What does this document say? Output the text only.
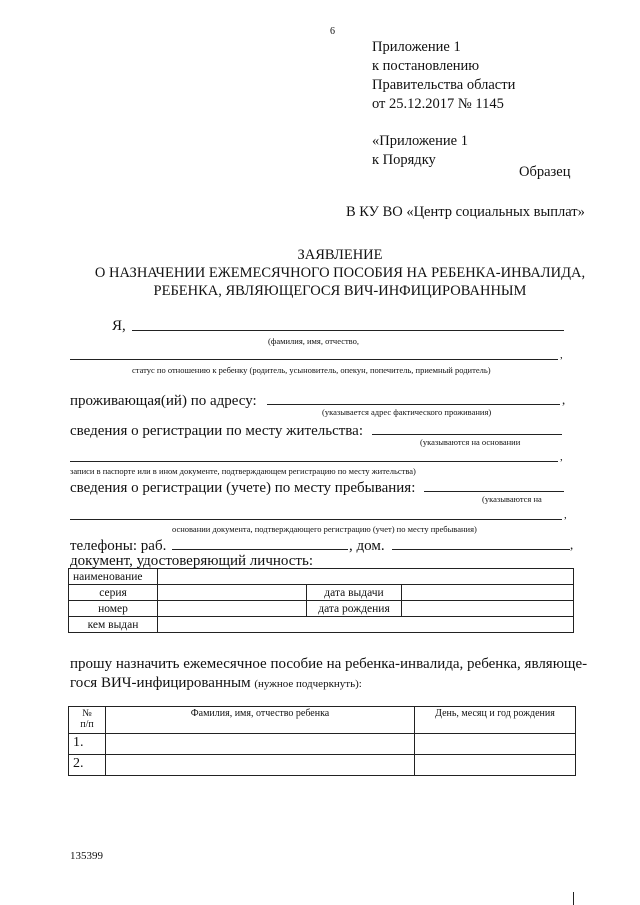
6
Приложение 1
к постановлению
Правительства области
от 25.12.2017 № 1145
«Приложение 1
к Порядку
Образец
В КУ ВО «Центр социальных выплат»
ЗАЯВЛЕНИЕ
О НАЗНАЧЕНИИ ЕЖЕМЕСЯЧНОГО ПОСОБИЯ НА РЕБЕНКА-ИНВАЛИДА,
РЕБЕНКА, ЯВЛЯЮЩЕГОСЯ ВИЧ-ИНФИЦИРОВАННЫМ
Я,
(фамилия, имя, отчество,
,
статус по отношению к ребенку (родитель, усыновитель, опекун, попечитель, приемный родитель)
проживающая(ий) по адресу:	,
(указывается адрес фактического проживания)
сведения о регистрации по месту жительства:
(указываются на основании
,
записи в паспорте или в ином документе, подтверждающем регистрацию по месту жительства)
сведения о регистрации (учете) по месту пребывания:
(указываются на
,
основании документа, подтверждающего регистрацию (учет) по месту пребывания)
телефоны: раб.	, дом.	,
документ, удостоверяющий личность:
наименование			
серия		дата выдачи	
номер		дата рождения	
кем выдан			
прошу назначить ежемесячное пособие на ребенка-инвалида, ребенка, являюще-
гося ВИЧ-инфицированным (нужное подчеркнуть):
№
п/п	Фамилия, имя, отчество ребенка	День, месяц и год рождения
1.		
2.		
135399
